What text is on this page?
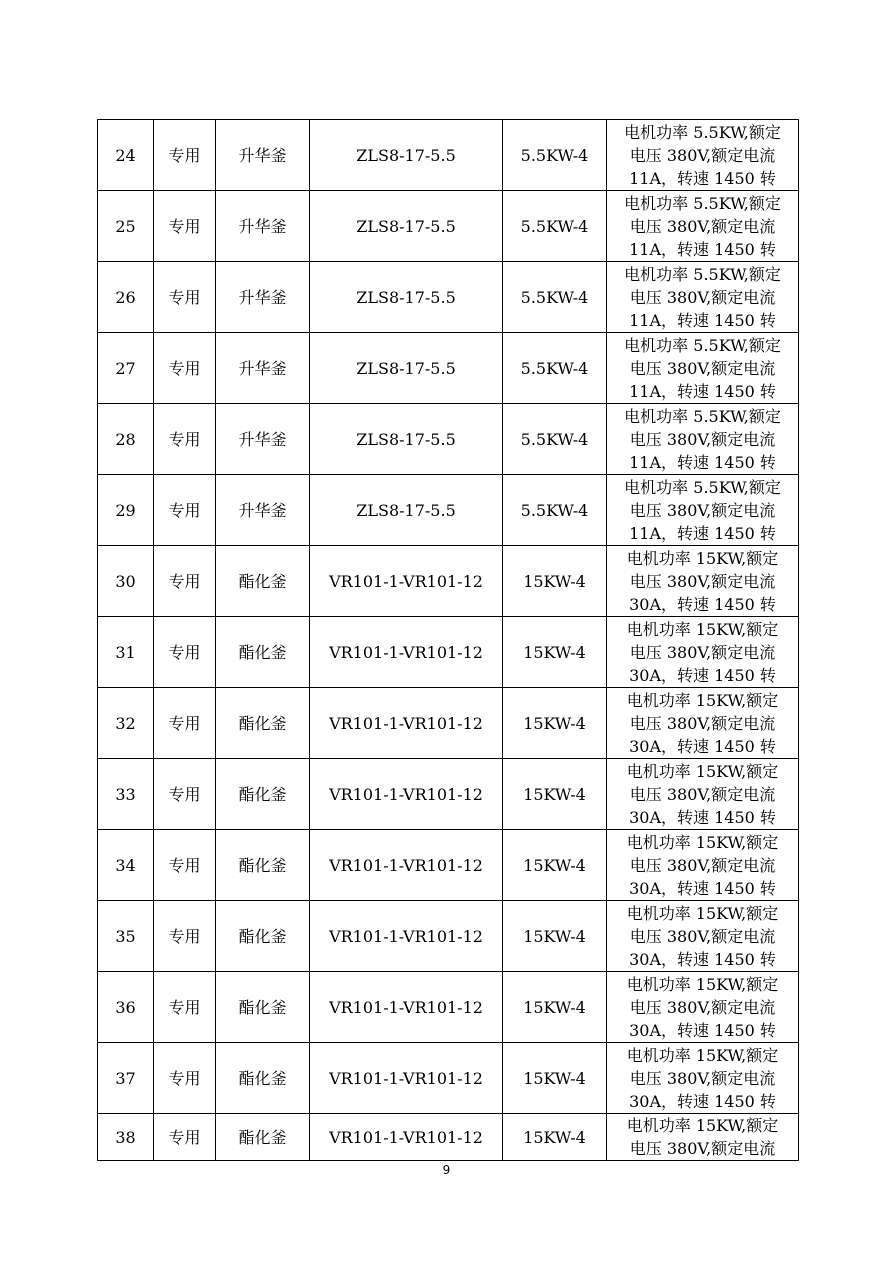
24	专用	升华釜	ZLS8-17-5.5	5.5KW-4	电机功率 5.5KW,额定
电压 380V,额定电流
11A，转速 1450 转
25	专用	升华釜	ZLS8-17-5.5	5.5KW-4	电机功率 5.5KW,额定
电压 380V,额定电流
11A，转速 1450 转
26	专用	升华釜	ZLS8-17-5.5	5.5KW-4	电机功率 5.5KW,额定
电压 380V,额定电流
11A，转速 1450 转
27	专用	升华釜	ZLS8-17-5.5	5.5KW-4	电机功率 5.5KW,额定
电压 380V,额定电流
11A，转速 1450 转
28	专用	升华釜	ZLS8-17-5.5	5.5KW-4	电机功率 5.5KW,额定
电压 380V,额定电流
11A，转速 1450 转
29	专用	升华釜	ZLS8-17-5.5	5.5KW-4	电机功率 5.5KW,额定
电压 380V,额定电流
11A，转速 1450 转
30	专用	酯化釜	VR101-1-VR101-12	15KW-4	电机功率 15KW,额定
电压 380V,额定电流
30A，转速 1450 转
31	专用	酯化釜	VR101-1-VR101-12	15KW-4	电机功率 15KW,额定
电压 380V,额定电流
30A，转速 1450 转
32	专用	酯化釜	VR101-1-VR101-12	15KW-4	电机功率 15KW,额定
电压 380V,额定电流
30A，转速 1450 转
33	专用	酯化釜	VR101-1-VR101-12	15KW-4	电机功率 15KW,额定
电压 380V,额定电流
30A，转速 1450 转
34	专用	酯化釜	VR101-1-VR101-12	15KW-4	电机功率 15KW,额定
电压 380V,额定电流
30A，转速 1450 转
35	专用	酯化釜	VR101-1-VR101-12	15KW-4	电机功率 15KW,额定
电压 380V,额定电流
30A，转速 1450 转
36	专用	酯化釜	VR101-1-VR101-12	15KW-4	电机功率 15KW,额定
电压 380V,额定电流
30A，转速 1450 转
37	专用	酯化釜	VR101-1-VR101-12	15KW-4	电机功率 15KW,额定
电压 380V,额定电流
30A，转速 1450 转
38	专用	酯化釜	VR101-1-VR101-12	15KW-4	电机功率 15KW,额定
电压 380V,额定电流
9
